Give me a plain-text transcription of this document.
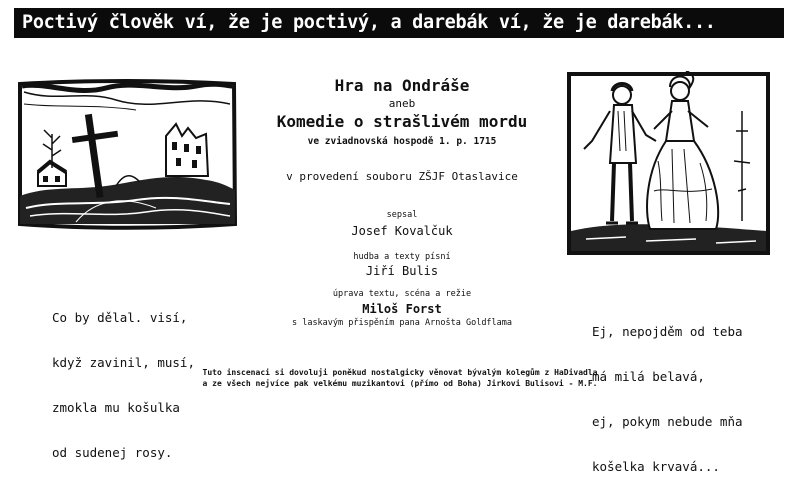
Poctivý člověk ví, že je poctivý, a darebák ví, že je darebák...
Hra na Ondráše
aneb
Komedie o strašlivém mordu
ve zviadnovská hospodě 1. p. 1715
v provedení souboru ZŠJF Otaslavice
sepsal
Josef Kovalčuk
hudba a texty písní
Jiří Bulis
úprava textu, scéna a režie
Miloš Forst
s laskavým přispěním pana Arnošta Goldflama

Co by dělal. visí,

když zavinil, musí,

zmokla mu košulka

od sudenej rosy.

Ej, nepojděm od teba

má milá belavá,

ej, pokym nebude mňa

košelka krvavá...

Tuto inscenaci si dovoluji poněkud nostalgicky věnovat bývalým kolegům z HaDivadla
a ze všech nejvíce pak velkému muzikantovi (přímo od Boha) Jirkovi Bulisovi - M.F.
